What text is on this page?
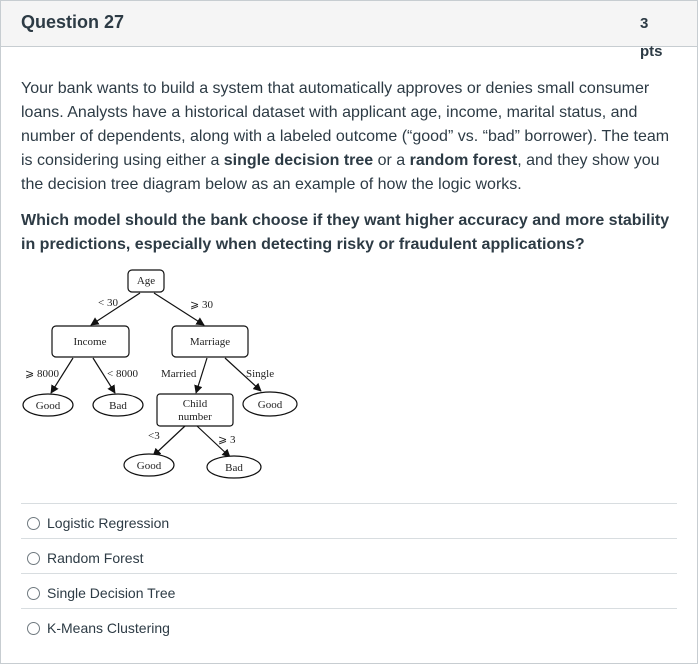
Question 27	3
pts
Your bank wants to build a system that automatically approves or denies small consumer loans. Analysts have a historical dataset with applicant age, income, marital status, and number of dependents, along with a labeled outcome (“good” vs. “bad” borrower). The team is considering using either a single decision tree or a random forest, and they show you the decision tree diagram below as an example of how the logic works.
Which model should the bank choose if they want higher accuracy and more stability in predictions, especially when detecting risky or fraudulent applications?
Age
Income	Marriage
Child
number
Good	Bad	Good
Good	Bad
< 30	⩾ 30
⩾ 8000	< 8000 Married	Single
<3	⩾ 3
Logistic Regression
Random Forest
Single Decision Tree
K-Means Clustering
